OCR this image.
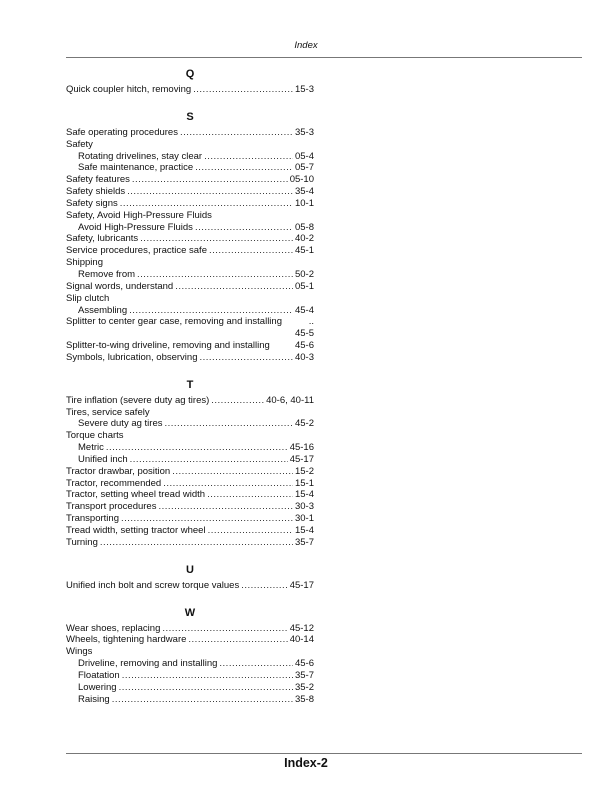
Index
Q
Quick coupler hitch, removing .....	15-3
S
Safe operating procedures .....	35-3
Safety
Rotating drivelines, stay clear .....	05-4
Safe maintenance, practice .....	05-7
Safety features .....	05-10
Safety shields .....	35-4
Safety signs .....	10-1
Safety, Avoid High-Pressure Fluids
Avoid High-Pressure Fluids .....	05-8
Safety, lubricants .....	40-2
Service procedures, practice safe .....	45-1
Shipping
Remove from .....	50-2
Signal words, understand .....	05-1
Slip clutch
Assembling .....	45-4
Splitter to center gear case, removing and installing	..
45-5
Splitter-to-wing driveline, removing and installing	45-6
Symbols, lubrication, observing .....	40-3
T
Tire inflation (severe duty ag tires) .....	40-6, 40-11
Tires, service safely
Severe duty ag tires .....	45-2
Torque charts
Metric .....	45-16
Unified inch .....	45-17
Tractor drawbar, position .....	15-2
Tractor, recommended .....	15-1
Tractor, setting wheel tread width .....	15-4
Transport procedures .....	30-3
Transporting .....	30-1
Tread width, setting tractor wheel .....	15-4
Turning .....	35-7
U
Unified inch bolt and screw torque values .....	45-17
W
Wear shoes, replacing .....	45-12
Wheels, tightening hardware .....	40-14
Wings
Driveline, removing and installing .....	45-6
Floatation .....	35-7
Lowering .....	35-2
Raising .....	35-8
Index-2
